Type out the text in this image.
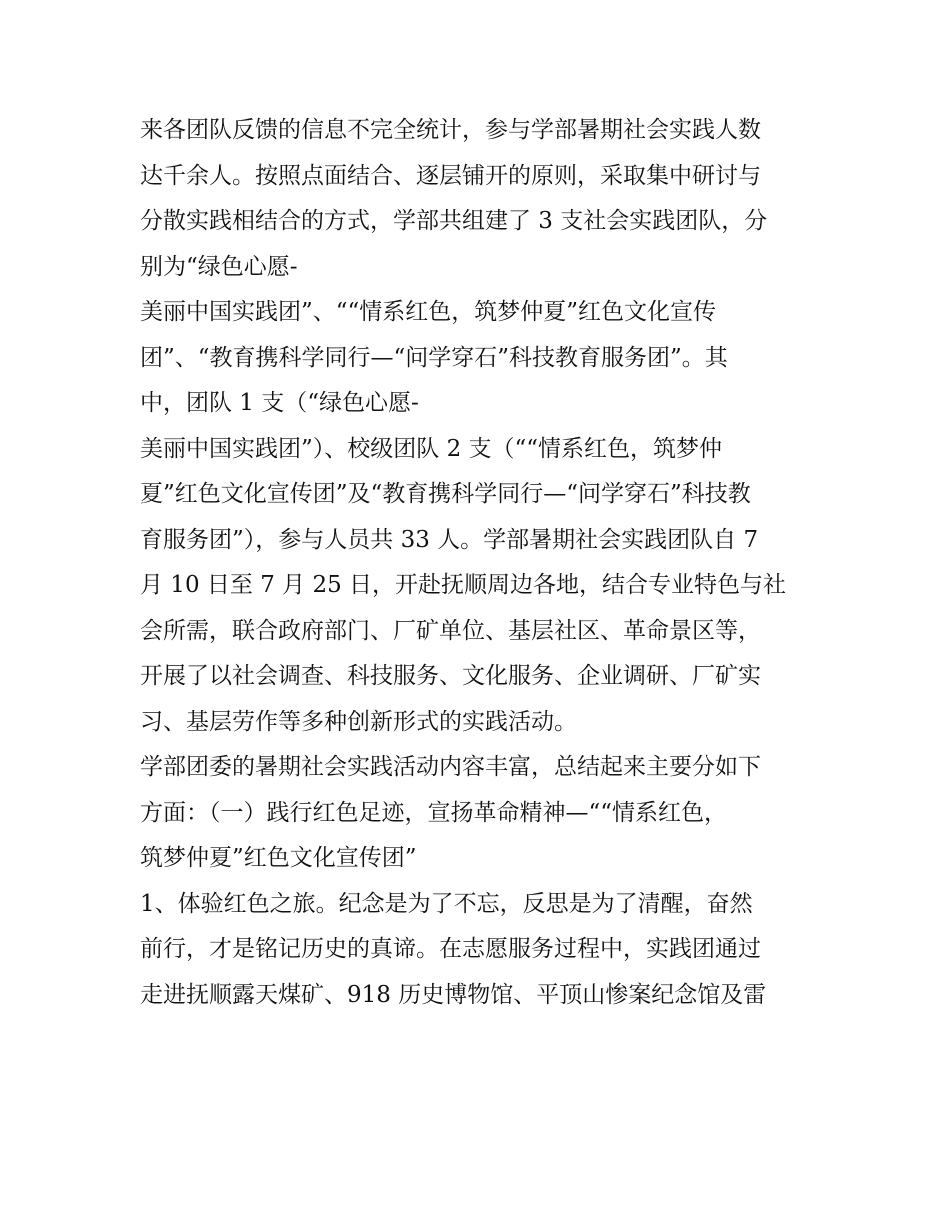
来各团队反馈的信息不完全统计，参与学部暑期社会实践人数
达千余人。按照点面结合、逐层铺开的原则，采取集中研讨与
分散实践相结合的方式，学部共组建了 3 支社会实践团队，分
别为“绿色心愿-
美丽中国实践团”、““情系红色，筑梦仲夏”红色文化宣传
团”、“教育携科学同行—“问学穿石”科技教育服务团”。其
中，团队 1 支（“绿色心愿-
美丽中国实践团”）、校级团队 2 支（““情系红色，筑梦仲
夏”红色文化宣传团”及“教育携科学同行—“问学穿石”科技教
育服务团”），参与人员共 33 人。学部暑期社会实践团队自 7
月 10 日至 7 月 25 日，开赴抚顺周边各地，结合专业特色与社
会所需，联合政府部门、厂矿单位、基层社区、革命景区等，
开展了以社会调查、科技服务、文化服务、企业调研、厂矿实
习、基层劳作等多种创新形式的实践活动。
学部团委的暑期社会实践活动内容丰富，总结起来主要分如下
方面：（一）践行红色足迹，宣扬革命精神—““情系红色，
筑梦仲夏”红色文化宣传团”
1、体验红色之旅。纪念是为了不忘，反思是为了清醒，奋然
前行，才是铭记历史的真谛。在志愿服务过程中，实践团通过
走进抚顺露天煤矿、918 历史博物馆、平顶山惨案纪念馆及雷
